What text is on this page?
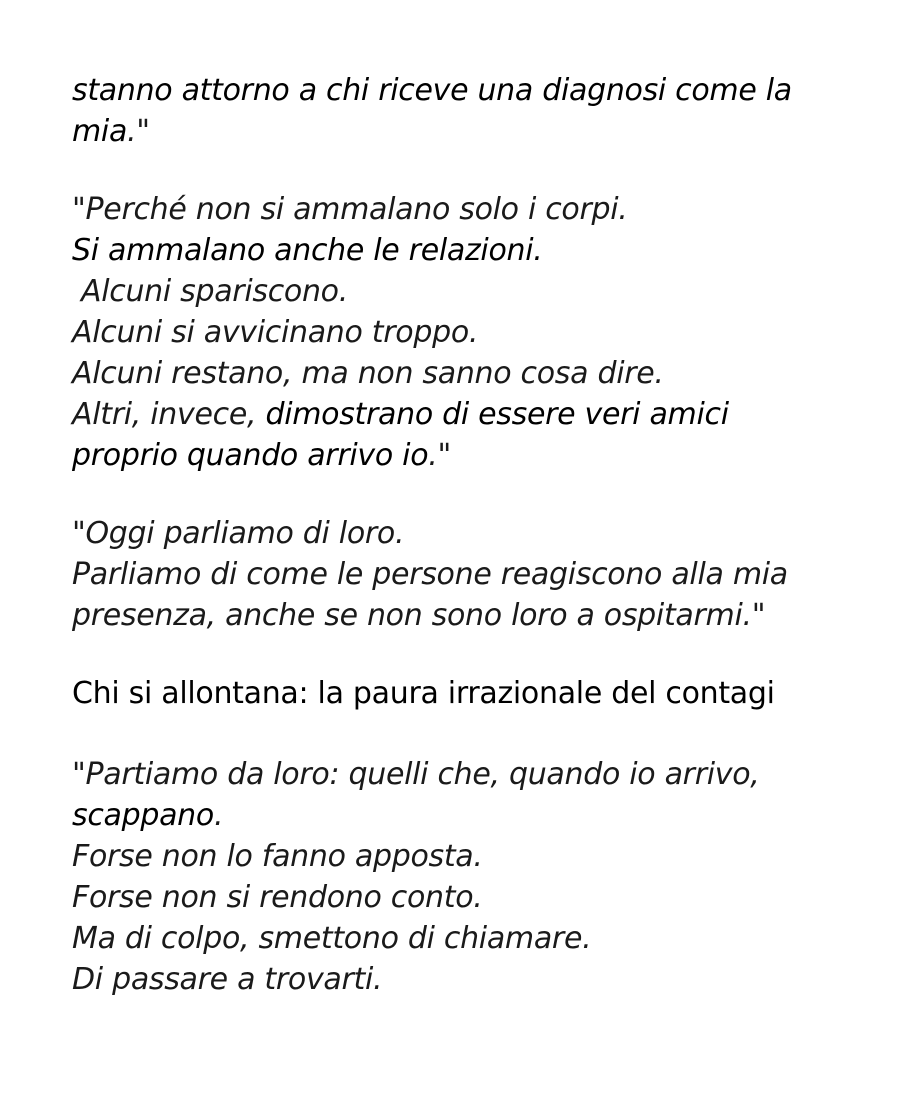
stanno attorno a chi riceve una diagnosi come la
mia."
"Perché non si ammalano solo i corpi.
Si ammalano anche le relazioni.
Alcuni spariscono.
Alcuni si avvicinano troppo.
Alcuni restano, ma non sanno cosa dire.
Altri, invece, dimostrano di essere veri amici
proprio quando arrivo io."
"Oggi parliamo di loro.
Parliamo di come le persone reagiscono alla mia
presenza, anche se non sono loro a ospitarmi."
Chi si allontana: la paura irrazionale del contagi
"Partiamo da loro: quelli che, quando io arrivo,
scappano.
Forse non lo fanno apposta.
Forse non si rendono conto.
Ma di colpo, smettono di chiamare.
Di passare a trovarti.
